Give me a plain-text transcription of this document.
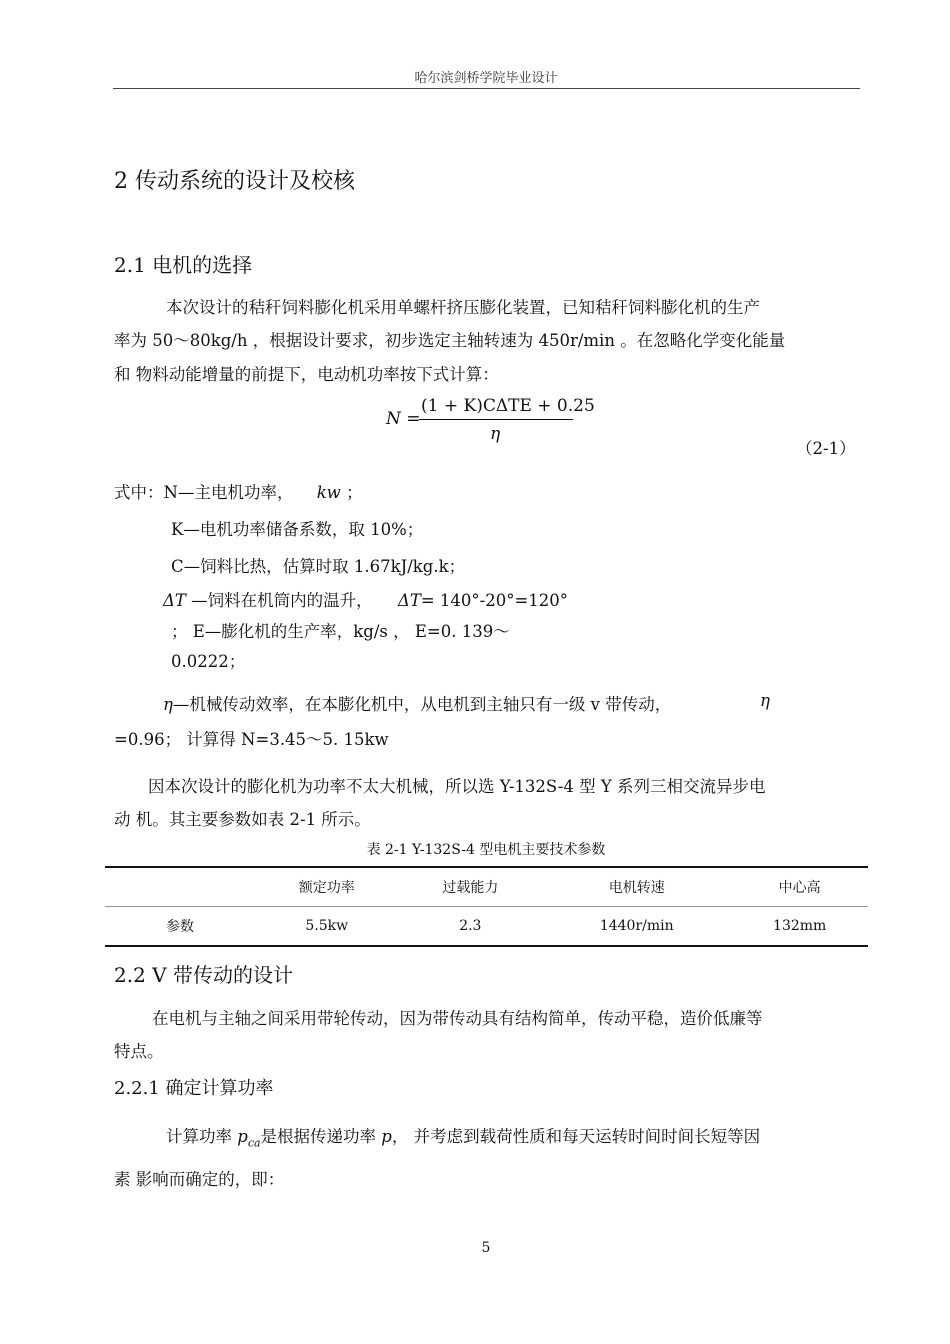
哈尔滨剑桥学院毕业设计
2 传动系统的设计及校核
2.1 电机的选择
本次设计的秸秆饲料膨化机采用单螺杆挤压膨化装置，已知秸秆饲料膨化机的生产
率为 50～80kg/h ，根据设计要求，初步选定主轴转速为 450r/min 。在忽略化学变化能量
和 物料动能增量的前提下，电动机功率按下式计算：
N =
(1 + K)CΔTE + 0.25
η
（2-1）
式中：N—主电机功率， kw ；
K—电机功率储备系数，取 10%；
C—饲料比热，估算时取 1.67kJ/kg.k；
ΔT —饲料在机筒内的温升， ΔT= 140°-20°=120°
； E—膨化机的生产率，kg/s ， E=0. 139～
0.0222；
η—机械传动效率，在本膨化机中，从电机到主轴只有一级 v 带传动，	η
=0.96； 计算得 N=3.45～5. 15kw
因本次设计的膨化机为功率不太大机械，所以选 Y-132S-4 型 Y 系列三相交流异步电
动 机。其主要参数如表 2-1 所示。
表 2-1 Y-132S-4 型电机主要技术参数
	额定功率	过载能力	电机转速	中心高
参数	5.5kw	2.3	1440r/min	132mm
2.2 V 带传动的设计
在电机与主轴之间采用带轮传动，因为带传动具有结构简单，传动平稳，造价低廉等
特点。
2.2.1 确定计算功率
计算功率 $p_{ca}$是根据传递功率 p， 并考虑到载荷性质和每天运转时间时间长短等因
素 影响而确定的，即：
5
